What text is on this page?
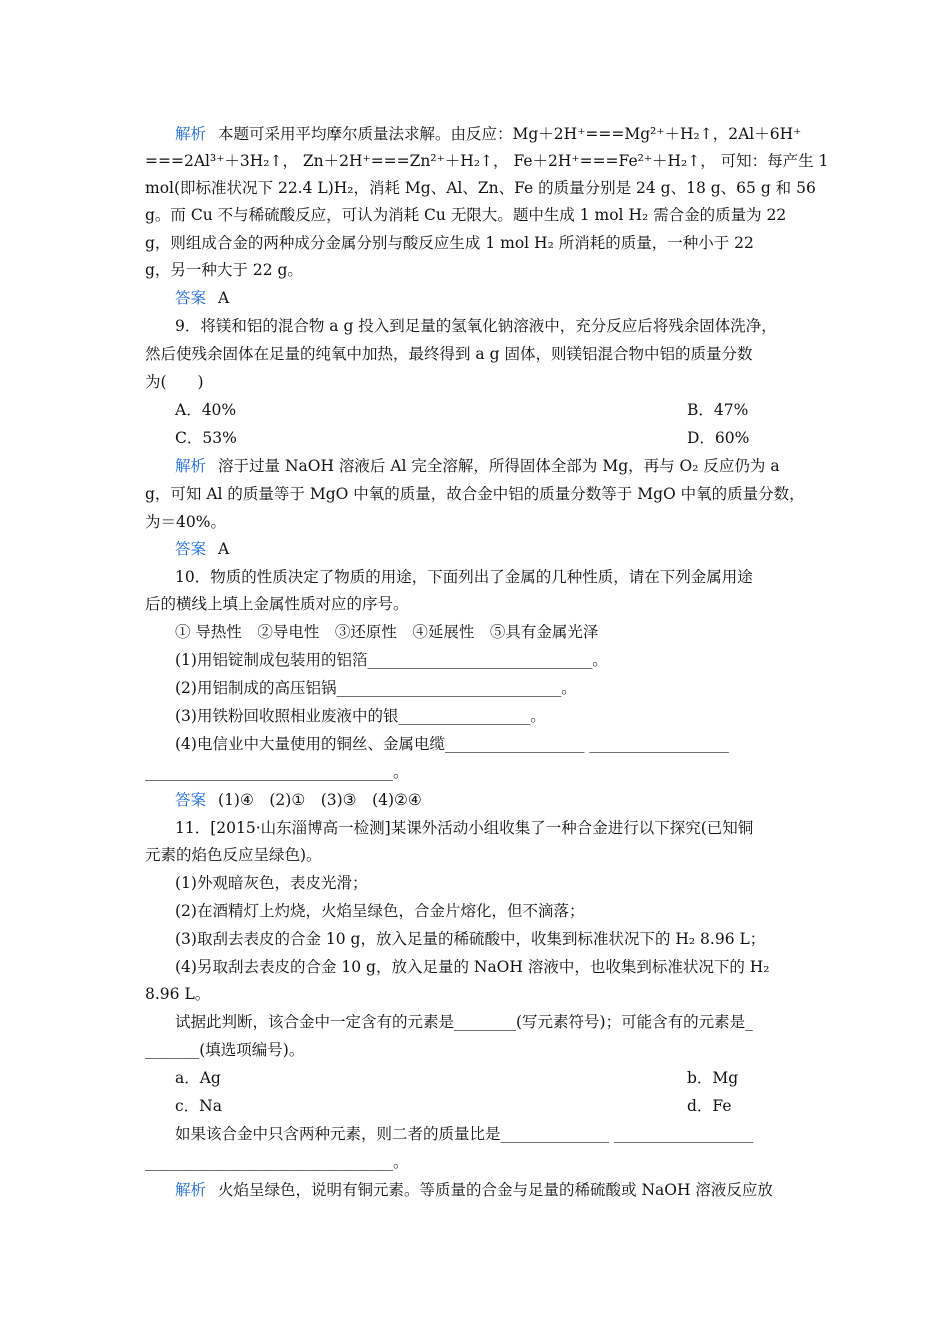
解析 本题可采用平均摩尔质量法求解。由反应：Mg＋2H⁺===Mg²⁺＋H₂↑，2Al＋6H⁺
===2Al³⁺＋3H₂↑， Zn＋2H⁺===Zn²⁺＋H₂↑， Fe＋2H⁺===Fe²⁺＋H₂↑， 可知：每产生 1
mol(即标准状况下 22.4 L)H₂，消耗 Mg、Al、Zn、Fe 的质量分别是 24 g、18 g、65 g 和 56
g。而 Cu 不与稀硫酸反应，可认为消耗 Cu 无限大。题中生成 1 mol H₂ 需合金的质量为 22
g，则组成合金的两种成分金属分别与酸反应生成 1 mol H₂ 所消耗的质量，一种小于 22
g，另一种大于 22 g。
答案 A
9．将镁和铝的混合物 a g 投入到足量的氢氧化钠溶液中，充分反应后将残余固体洗净，
然后使残余固体在足量的纯氧中加热，最终得到 a g 固体，则镁铝混合物中铝的质量分数
为(　　)
A．40%	B．47%
C．53%	D．60%
解析 溶于过量 NaOH 溶液后 Al 完全溶解，所得固体全部为 Mg，再与 O₂ 反应仍为 a
g，可知 Al 的质量等于 MgO 中氧的质量，故合金中铝的质量分数等于 MgO 中氧的质量分数，
为＝40%。
答案 A
10．物质的性质决定了物质的用途，下面列出了金属的几种性质，请在下列金属用途
后的横线上填上金属性质对应的序号。
① 导热性　②导电性　③还原性　④延展性　⑤具有金属光泽
(1)用铝锭制成包装用的铝箔_____________________________。
(2)用铝制成的高压铝锅_____________________________。
(3)用铁粉回收照相业废液中的银_________________。
(4)电信业中大量使用的铜丝、金属电缆__________________ __________________
________________________________。
答案 (1)④　(2)①　(3)③　(4)②④
11．[2015·山东淄博高一检测]某课外活动小组收集了一种合金进行以下探究(已知铜
元素的焰色反应呈绿色)。
(1)外观暗灰色，表皮光滑；
(2)在酒精灯上灼烧，火焰呈绿色，合金片熔化，但不滴落；
(3)取刮去表皮的合金 10 g，放入足量的稀硫酸中，收集到标准状况下的 H₂ 8.96 L；
(4)另取刮去表皮的合金 10 g，放入足量的 NaOH 溶液中，也收集到标准状况下的 H₂
8.96 L。
试据此判断，该合金中一定含有的元素是________(写元素符号)；可能含有的元素是_
_______(填选项编号)。
a．Ag	b．Mg
c．Na	d．Fe
如果该合金中只含两种元素，则二者的质量比是______________ __________________
________________________________。
解析 火焰呈绿色，说明有铜元素。等质量的合金与足量的稀硫酸或 NaOH 溶液反应放
